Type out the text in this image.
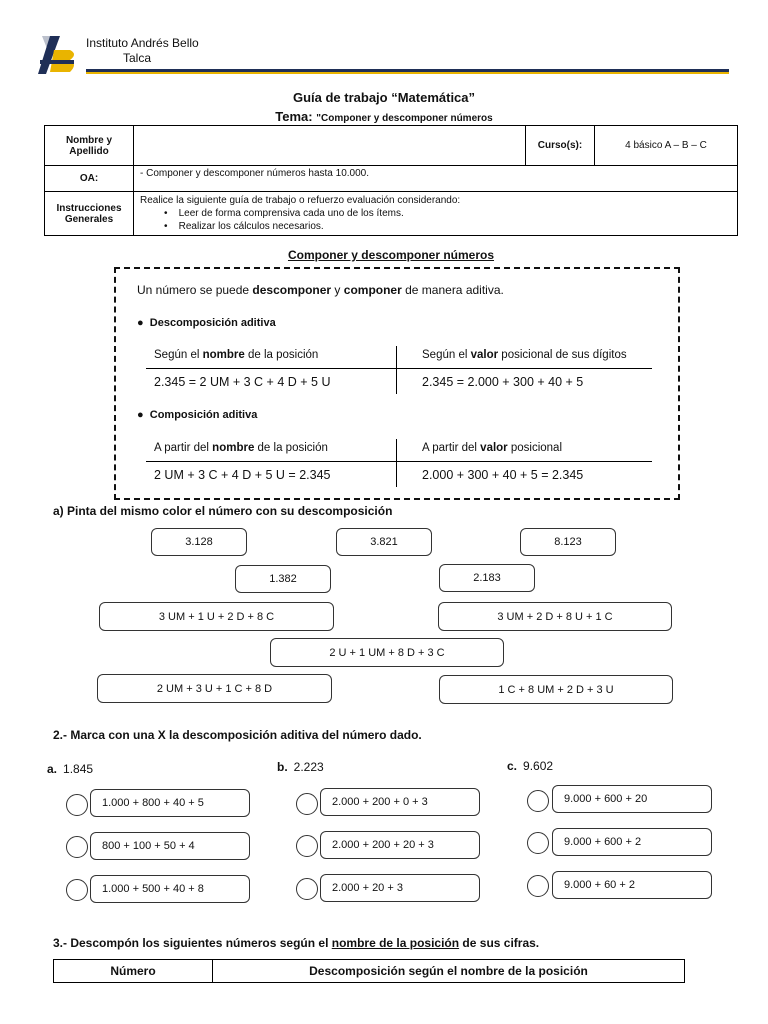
Instituto Andrés Bello
Talca
Guía de trabajo “Matemática”
Tema: "Componer y descomponer números
Nombre y Apellido		Curso(s):	4 básico A – B – C
OA:	- Componer y descomponer números hasta 10.000.		
Instrucciones Generales	Realice la siguiente guía de trabajo o refuerzo evaluación considerando:
•    Leer de forma comprensiva cada uno de los ítems.
•    Realizar los cálculos necesarios.		
Componer y descomponer números
Un número se puede descomponer y componer de manera aditiva.
●  Descomposición aditiva
Según el nombre de la posición	Según el valor posicional de sus dígitos
2.345 = 2 UM + 3 C + 4 D + 5 U	2.345 = 2.000 + 300 + 40 + 5
●  Composición aditiva
A partir del nombre de la posición	A partir del valor posicional
2 UM + 3 C + 4 D + 5 U = 2.345	2.000 + 300 + 40 + 5 = 2.345
a) Pinta del mismo color el número con su descomposición
3.128	3.821	8.123
1.382	2.183
3 UM + 1 U + 2 D + 8 C	3 UM + 2 D + 8 U + 1 C
2 U + 1 UM + 8 D + 3 C
2 UM + 3 U + 1 C + 8 D	1 C + 8 UM + 2 D + 3 U
2.- Marca con una X la descomposición aditiva del número dado.
a. 1.845	b. 2.223	c. 9.602
1.000 + 800 + 40 + 5
800 + 100 + 50 + 4
1.000 + 500 + 40 + 8
2.000 + 200 + 0 + 3
2.000 + 200 + 20 + 3
2.000 + 20 + 3
9.000 + 600 + 20
9.000 + 600 + 2
9.000 + 60 + 2
3.- Descompón los siguientes números según el nombre de la posición de sus cifras.
Número	Descomposición según el nombre de la posición
